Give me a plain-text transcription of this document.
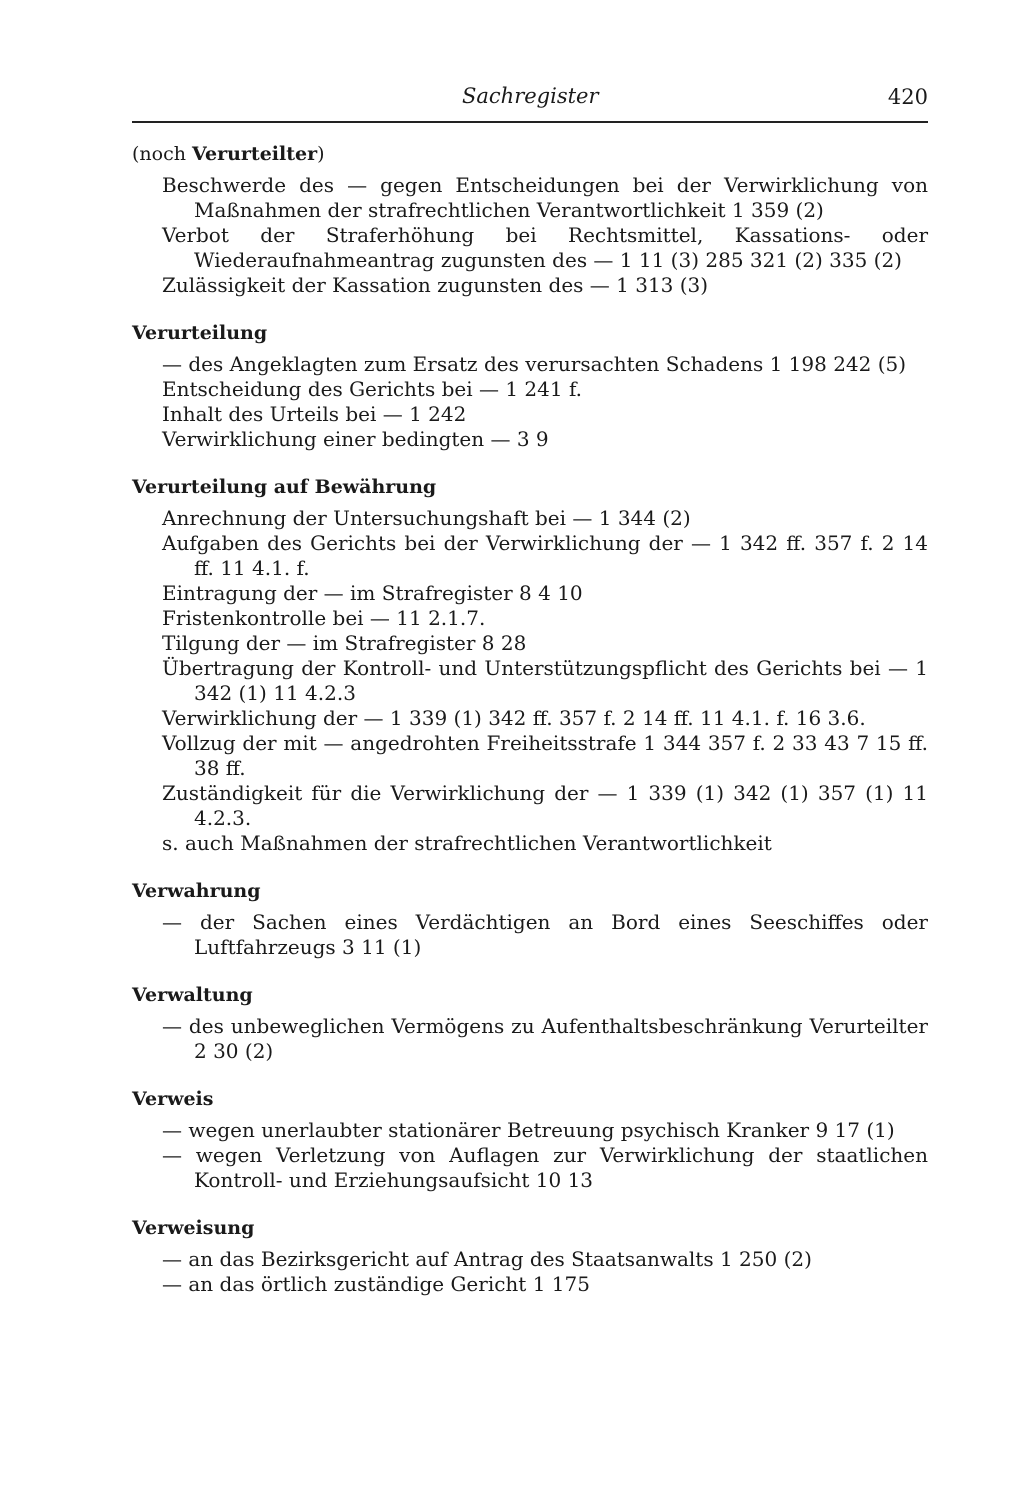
Sachregister	420

(noch Verurteilter)

Beschwerde des — gegen Entscheidungen bei der Verwirklichung von Maßnahmen der strafrechtlichen Verantwortlichkeit 1 359 (2)

Verbot der Straferhöhung bei Rechtsmittel, Kassations- oder Wiederaufnahmeantrag zugunsten des — 1 11 (3) 285 321 (2) 335 (2)

Zulässigkeit der Kassation zugunsten des — 1 313 (3)

Verurteilung

— des Angeklagten zum Ersatz des verursachten Schadens 1 198 242 (5)

Entscheidung des Gerichts bei — 1 241 f.

Inhalt des Urteils bei — 1 242

Verwirklichung einer bedingten — 3 9

Verurteilung auf Bewährung

Anrechnung der Untersuchungshaft bei — 1 344 (2)

Aufgaben des Gerichts bei der Verwirklichung der — 1 342 ff. 357 f. 2 14 ff. 11 4.1. f.

Eintragung der — im Strafregister 8 4 10

Fristenkontrolle bei — 11 2.1.7.

Tilgung der — im Strafregister 8 28

Übertragung der Kontroll- und Unterstützungspflicht des Gerichts bei — 1 342 (1) 11 4.2.3

Verwirklichung der — 1 339 (1) 342 ff. 357 f. 2 14 ff. 11 4.1. f. 16 3.6.

Vollzug der mit — angedrohten Freiheitsstrafe 1 344 357 f. 2 33 43 7 15 ff. 38 ff.

Zuständigkeit für die Verwirklichung der — 1 339 (1) 342 (1) 357 (1) 11 4.2.3.

s. auch Maßnahmen der strafrechtlichen Verantwortlichkeit

Verwahrung

— der Sachen eines Verdächtigen an Bord eines Seeschiffes oder Luftfahrzeugs 3 11 (1)

Verwaltung

— des unbeweglichen Vermögens zu Aufenthaltsbeschränkung Verurteilter 2 30 (2)

Verweis

— wegen unerlaubter stationärer Betreuung psychisch Kranker 9 17 (1)

— wegen Verletzung von Auflagen zur Verwirklichung der staatlichen Kontroll- und Erziehungsaufsicht 10 13

Verweisung

— an das Bezirksgericht auf Antrag des Staatsanwalts 1 250 (2)

— an das örtlich zuständige Gericht 1 175
